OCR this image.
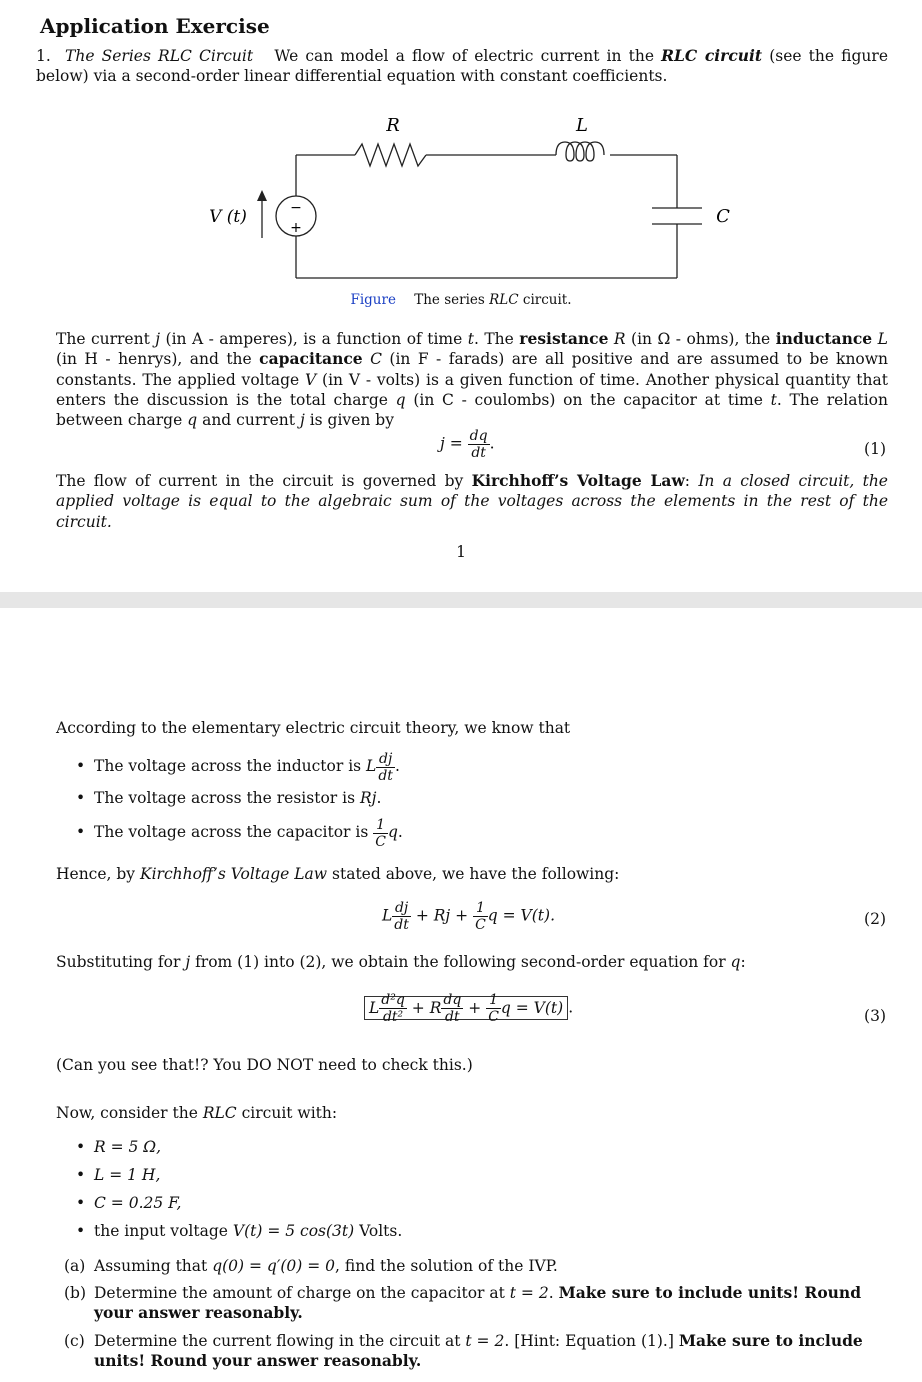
Application Exercise
1. The Series RLC Circuit We can model a flow of electric current in the RLC circuit (see the figure below) via a second-order linear differential equation with constant coefficients.
R	L
C
V (t)	−
+
Figure The series RLC circuit.
The current j (in A - amperes), is a function of time t. The resistance R (in Ω - ohms), the inductance L (in H - henrys), and the capacitance C (in F - farads) are all positive and are assumed to be known constants. The applied voltage V (in V - volts) is a given function of time. Another physical quantity that enters the discussion is the total charge q (in C - coulombs) on the capacitor at time t. The relation between charge q and current j is given by
$j = \frac{dq}{dt}$ .	(1)
The flow of current in the circuit is governed by Kirchhoff’s Voltage Law: In a closed circuit, the applied voltage is equal to the algebraic sum of the voltages across the elements in the rest of the circuit.
1
According to the elementary electric circuit theory, we know that
• The voltage across the inductor is L $\frac{dj}{dt}$ .
• The voltage across the resistor is Rj.
• The voltage across the capacitor is $\frac{1}{C} q$.
Hence, by Kirchhoff’s Voltage Law stated above, we have the following:
L $\frac{dj}{dt} + Rj + \frac{1}{C}$ q = V(t).	(2)
Substituting for j from (1) into (2), we obtain the following second-order equation for q:
L $\frac{\text{d²q}}{\text{dt²}} + R \frac{dq}{dt} + \frac{1}{C}$ q = V(t) .	(3)
(Can you see that!? You DO NOT need to check this.)
Now, consider the RLC circuit with:
• R = 5 Ω,
• L = 1 H,
• C = 0.25 F,
• the input voltage V(t) = 5 cos(3t) Volts.
(a) Assuming that q(0) = q′(0) = 0, find the solution of the IVP.
(b) Determine the amount of charge on the capacitor at t = 2. Make sure to include units! Round your answer reasonably.
(c) Determine the current flowing in the circuit at t = 2. [Hint: Equation (1).] Make sure to include units! Round your answer reasonably.
